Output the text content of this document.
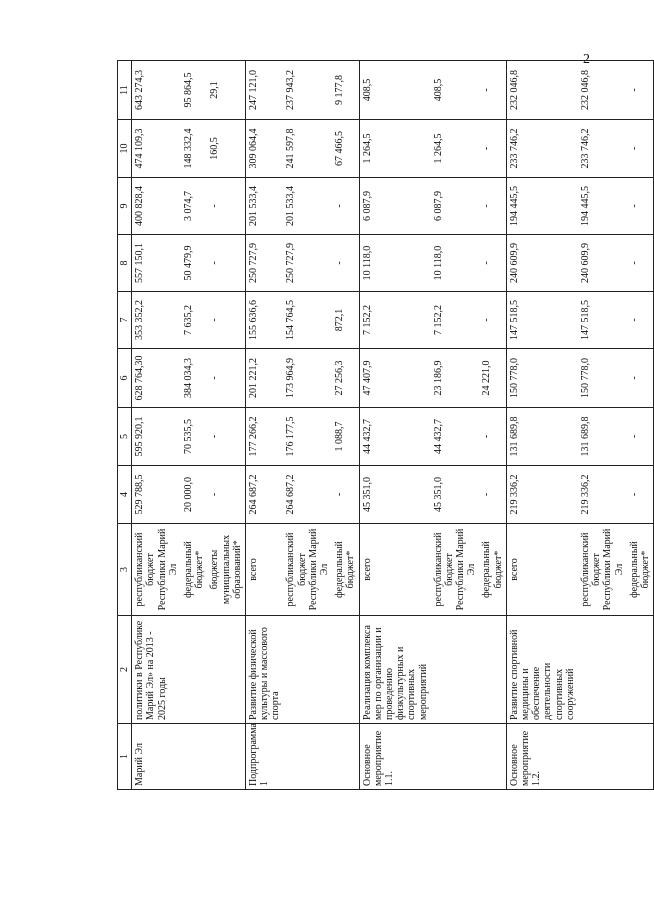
2
1	2	3	4	5	6	7	8	9	10	11
Марий Эл	политики в Республике Марий Эл» на 2013 - 2025 годы	республиканский бюджет Республики Марий Эл	529 788,5	595 920,1	628 764,30	353 352,2	557 150,1	400 828,4	474 109,3	643 274,3
		федеральный бюджет*	20 000,0	70 535,5	384 034,3	7 635,2	50 479,9	3 074,7	148 332,4	95 864,5
		бюджеты муниципальных образований*	-	-	-	-	-	-	160,5	29,1
Подпрограмма 1	Развитие физической культуры и массового спорта	всего	264 687,2	177 266,2	201 221,2	155 636,6	250 727,9	201 533,4	309 064,4	247 121,0
		республиканский бюджет Республики Марий Эл	264 687,2	176 177,5	173 964,9	154 764,5	250 727,9	201 533,4	241 597,8	237 943,2
		федеральный бюджет*	-	1 088,7	27 256,3	872,1	-	-	67 466,5	9 177,8
Основное мероприятие 1.1.	Реализация комплекса мер по организации и проведению физкультурных и спортивных мероприятий	всего	45 351,0	44 432,7	47 407,9	7 152,2	10 118,0	6 087,9	1 264,5	408,5
		республиканский бюджет Республики Марий Эл	45 351,0	44 432,7	23 186,9	7 152,2	10 118,0	6 087,9	1 264,5	408,5
		федеральный бюджет*	-	-	24 221,0	-	-	-	-	-
Основное мероприятие 1.2.	Развитие спортивной медицины и обеспечение деятельности спортивных сооружений	всего	219 336,2	131 689,8	150 778,0	147 518,5	240 609,9	194 445,5	233 746,2	232 046,8
		республиканский бюджет Республики Марий Эл	219 336,2	131 689,8	150 778,0	147 518,5	240 609,9	194 445,5	233 746,2	232 046,8
		федеральный бюджет*	-	-	-	-	-	-	-	-
